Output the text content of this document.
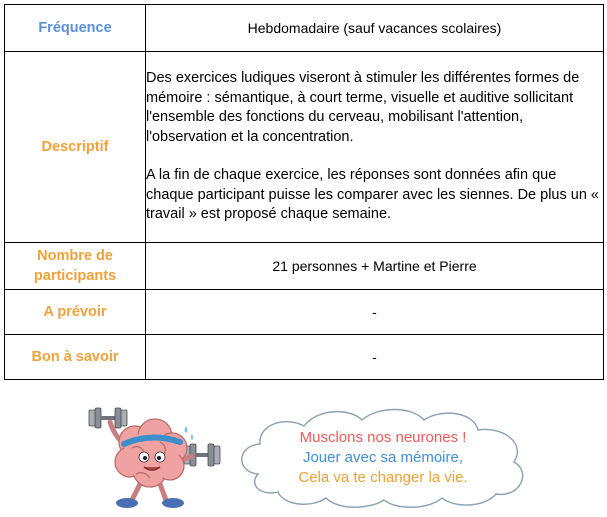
Fréquence	Hebdomadaire (sauf vacances scolaires)
Descriptif	Des exercices ludiques viseront à stimuler les différentes formes de mémoire : sémantique, à court terme, visuelle et auditive sollicitant l'ensemble des fonctions du cerveau, mobilisant l'attention, l'observation et la concentration.

A la fin de chaque exercice, les réponses sont données afin que chaque participant puisse les comparer avec les siennes. De plus un « travail » est proposé chaque semaine.

Nombre de participants	21 personnes + Martine et Pierre
A prévoir	-
Bon à savoir	-
Musclons nos neurones !
Jouer avec sa mémoire,
Cela va te changer la vie.
